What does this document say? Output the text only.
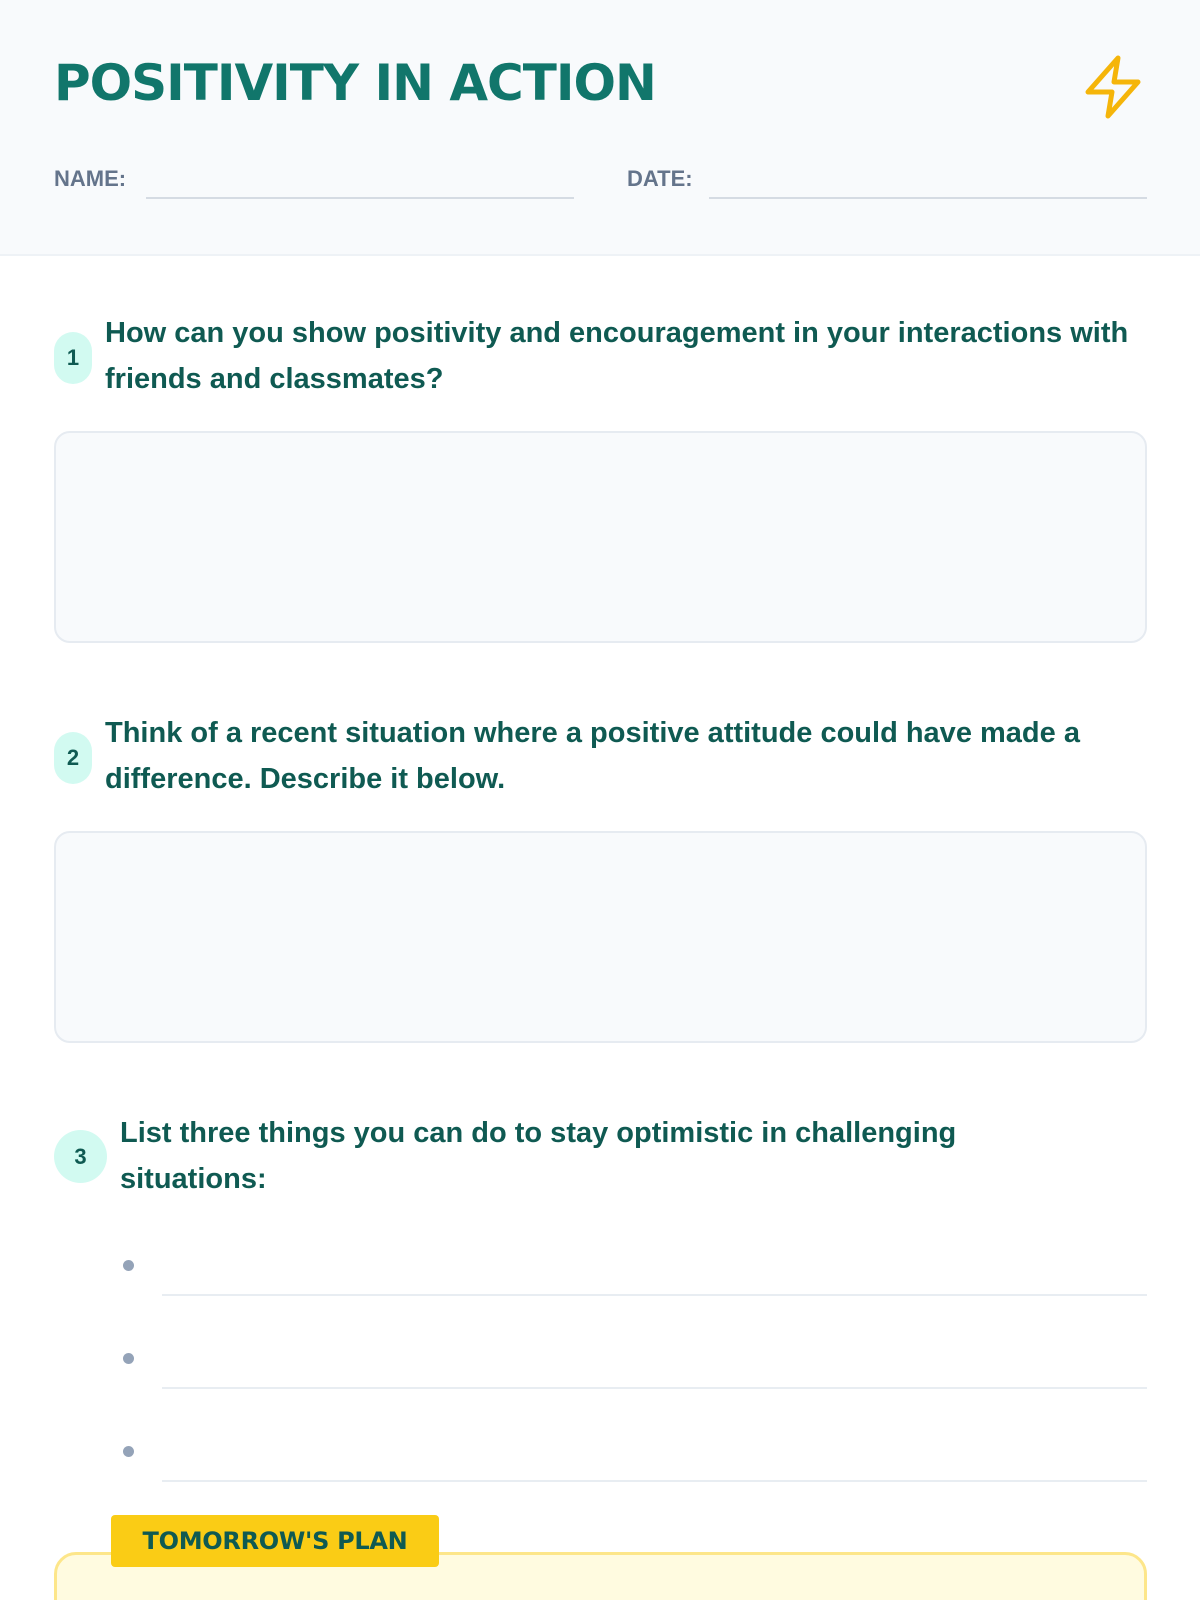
POSITIVITY IN ACTION
NAME:	DATE:
1
How can you show positivity and encouragement in your interactions with friends and classmates?
2
Think of a recent situation where a positive attitude could have made a difference. Describe it below.
3
List three things you can do to stay optimistic in challenging situations:
TOMORROW'S PLAN
